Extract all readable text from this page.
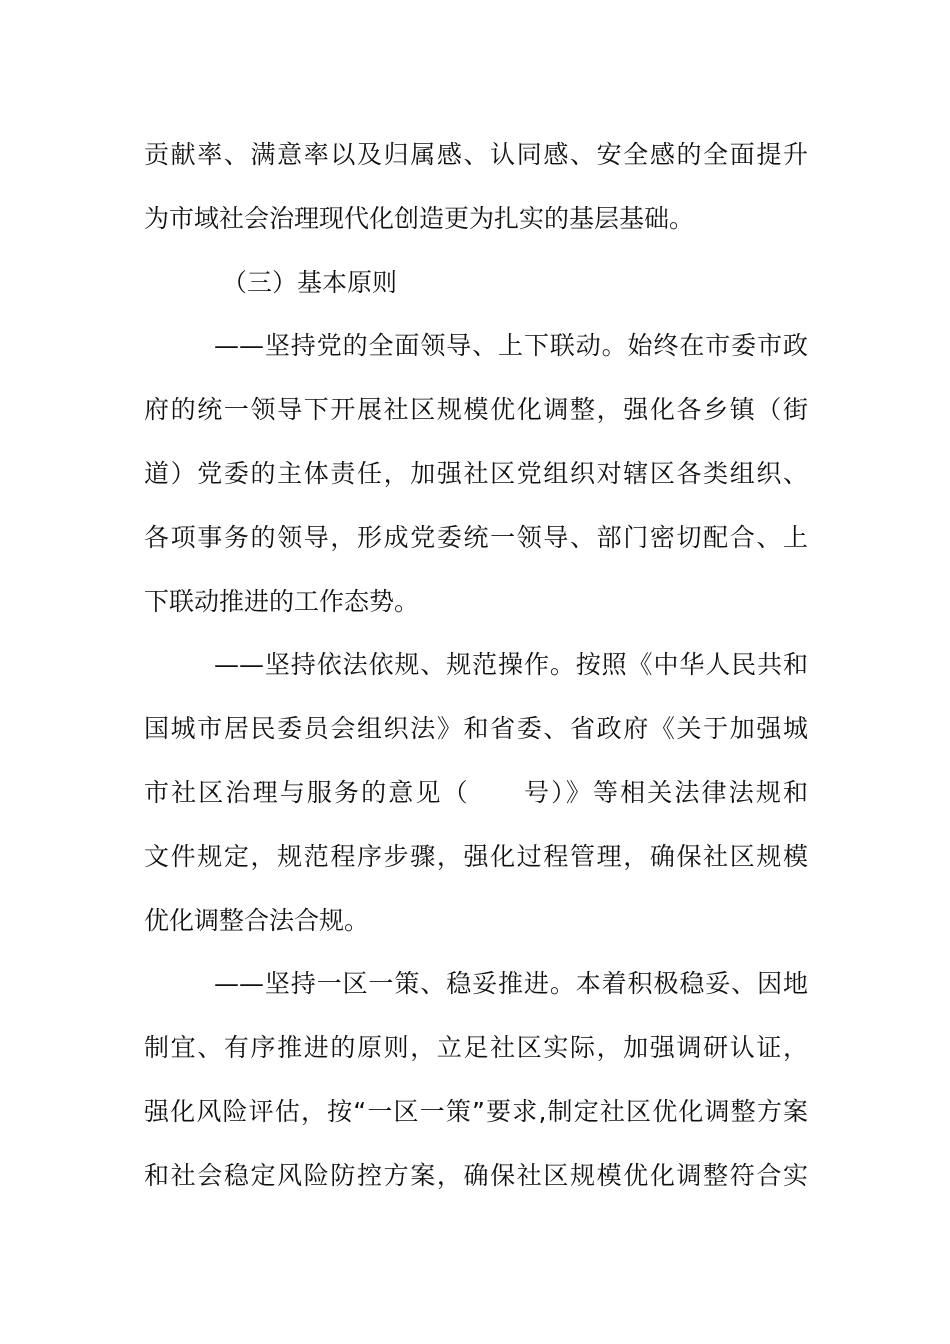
贡献率、满意率以及归属感、认同感、安全感的全面提升
为市域社会治理现代化创造更为扎实的基层基础。
（三）基本原则
——坚持党的全面领导、上下联动。始终在市委市政
府的统一领导下开展社区规模优化调整，强化各乡镇（街
道）党委的主体责任，加强社区党组织对辖区各类组织、
各项事务的领导，形成党委统一领导、部门密切配合、上
下联动推进的工作态势。
——坚持依法依规、规范操作。按照《中华人民共和
国城市居民委员会组织法》和省委、省政府《关于加强城
市社区治理与服务的意见（　　号）》等相关法律法规和
文件规定，规范程序步骤，强化过程管理，确保社区规模
优化调整合法合规。
——坚持一区一策、稳妥推进。本着积极稳妥、因地
制宜、有序推进的原则，立足社区实际，加强调研认证，
强化风险评估，按“一区一策”要求,制定社区优化调整方案
和社会稳定风险防控方案，确保社区规模优化调整符合实
